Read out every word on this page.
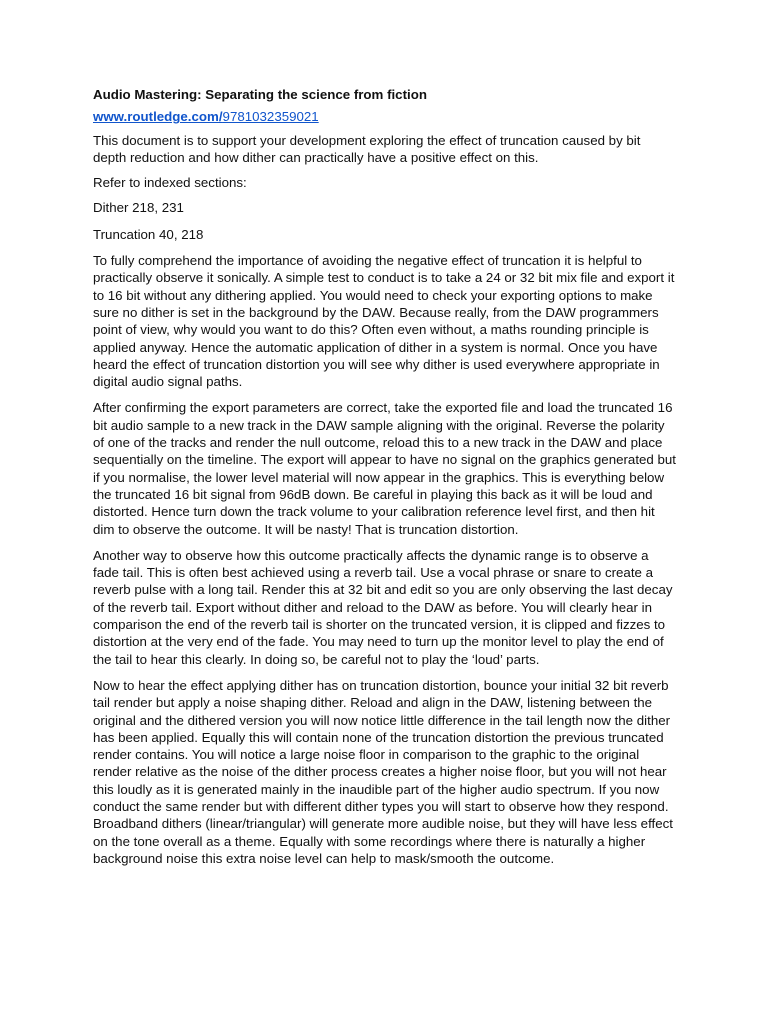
Audio Mastering: Separating the science from fiction
www.routledge.com/9781032359021

This document is to support your development exploring the effect of truncation caused by bit depth reduction and how dither can practically have a positive effect on this.

Refer to indexed sections:

Dither 218, 231

Truncation 40, 218

To fully comprehend the importance of avoiding the negative effect of truncation it is helpful to practically observe it sonically. A simple test to conduct is to take a 24 or 32 bit mix file and export it to 16 bit without any dithering applied. You would need to check your exporting options to make sure no dither is set in the background by the DAW. Because really, from the DAW programmers point of view, why would you want to do this? Often even without, a maths rounding principle is applied anyway. Hence the automatic application of dither in a system is normal. Once you have heard the effect of truncation distortion you will see why dither is used everywhere appropriate in digital audio signal paths.

After confirming the export parameters are correct, take the exported file and load the truncated 16 bit audio sample to a new track in the DAW sample aligning with the original. Reverse the polarity of one of the tracks and render the null outcome, reload this to a new track in the DAW and place sequentially on the timeline. The export will appear to have no signal on the graphics generated but if you normalise, the lower level material will now appear in the graphics. This is everything below the truncated 16 bit signal from 96dB down. Be careful in playing this back as it will be loud and distorted. Hence turn down the track volume to your calibration reference level first, and then hit dim to observe the outcome. It will be nasty! That is truncation distortion.

Another way to observe how this outcome practically affects the dynamic range is to observe a fade tail. This is often best achieved using a reverb tail. Use a vocal phrase or snare to create a reverb pulse with a long tail. Render this at 32 bit and edit so you are only observing the last decay of the reverb tail. Export without dither and reload to the DAW as before. You will clearly hear in comparison the end of the reverb tail is shorter on the truncated version, it is clipped and fizzes to distortion at the very end of the fade. You may need to turn up the monitor level to play the end of the tail to hear this clearly. In doing so, be careful not to play the ‘loud’ parts.

Now to hear the effect applying dither has on truncation distortion, bounce your initial 32 bit reverb tail render but apply a noise shaping dither. Reload and align in the DAW, listening between the original and the dithered version you will now notice little difference in the tail length now the dither has been applied. Equally this will contain none of the truncation distortion the previous truncated render contains. You will notice a large noise floor in comparison to the graphic to the original render relative as the noise of the dither process creates a higher noise floor, but you will not hear this loudly as it is generated mainly in the inaudible part of the higher audio spectrum. If you now conduct the same render but with different dither types you will start to observe how they respond. Broadband dithers (linear/triangular) will generate more audible noise, but they will have less effect on the tone overall as a theme. Equally with some recordings where there is naturally a higher background noise this extra noise level can help to mask/smooth the outcome.
